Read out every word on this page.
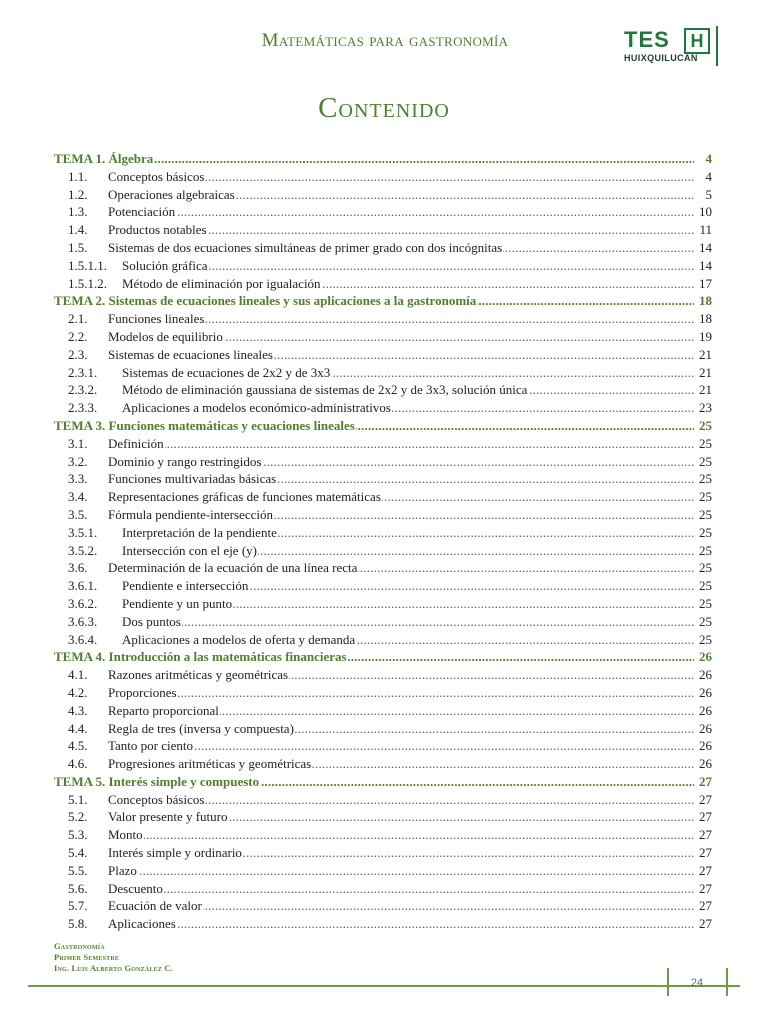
Matemáticas para gastronomía	TES	H
HUIXQUILUCAN
Contenido
TEMA 1. Álgebra .....	4
1.1. Conceptos básicos .....	4
1.2. Operaciones algebraicas .....	5
1.3. Potenciación .....	10
1.4. Productos notables .....	11
1.5. Sistemas de dos ecuaciones simultáneas de primer grado con dos incógnitas .....	14
1.5.1.1. Solución gráfica .....	14
1.5.1.2. Método de eliminación por igualación .....	17
TEMA 2. Sistemas de ecuaciones lineales y sus aplicaciones a la gastronomía .....	18
2.1. Funciones lineales .....	18
2.2. Modelos de equilibrio .....	19
2.3. Sistemas de ecuaciones lineales .....	21
2.3.1. Sistemas de ecuaciones de 2x2 y de 3x3 .....	21
2.3.2. Método de eliminación gaussiana de sistemas de 2x2 y de 3x3, solución única .....	21
2.3.3. Aplicaciones a modelos económico-administrativos .....	23
TEMA 3. Funciones matemáticas y ecuaciones lineales .....	25
3.1. Definición .....	25
3.2. Dominio y rango restringidos .....	25
3.3. Funciones multivariadas básicas .....	25
3.4. Representaciones gráficas de funciones matemáticas .....	25
3.5. Fórmula pendiente-intersección .....	25
3.5.1. Interpretación de la pendiente .....	25
3.5.2. Intersección con el eje (y) .....	25
3.6. Determinación de la ecuación de una línea recta .....	25
3.6.1. Pendiente e intersección .....	25
3.6.2. Pendiente y un punto .....	25
3.6.3. Dos puntos .....	25
3.6.4. Aplicaciones a modelos de oferta y demanda .....	25
TEMA 4. Introducción a las matemáticas financieras .....	26
4.1. Razones aritméticas y geométricas .....	26
4.2. Proporciones .....	26
4.3. Reparto proporcional .....	26
4.4. Regla de tres (inversa y compuesta) .....	26
4.5. Tanto por ciento .....	26
4.6. Progresiones aritméticas y geométricas .....	26
TEMA 5. Interés simple y compuesto .....	27
5.1. Conceptos básicos .....	27
5.2. Valor presente y futuro .....	27
5.3. Monto .....	27
5.4. Interés simple y ordinario .....	27
5.5. Plazo .....	27
5.6. Descuento .....	27
5.7. Ecuación de valor .....	27
5.8. Aplicaciones .....	27
Gastronomía
Primer Semestre
Ing. Luis Alberto González C.
24
